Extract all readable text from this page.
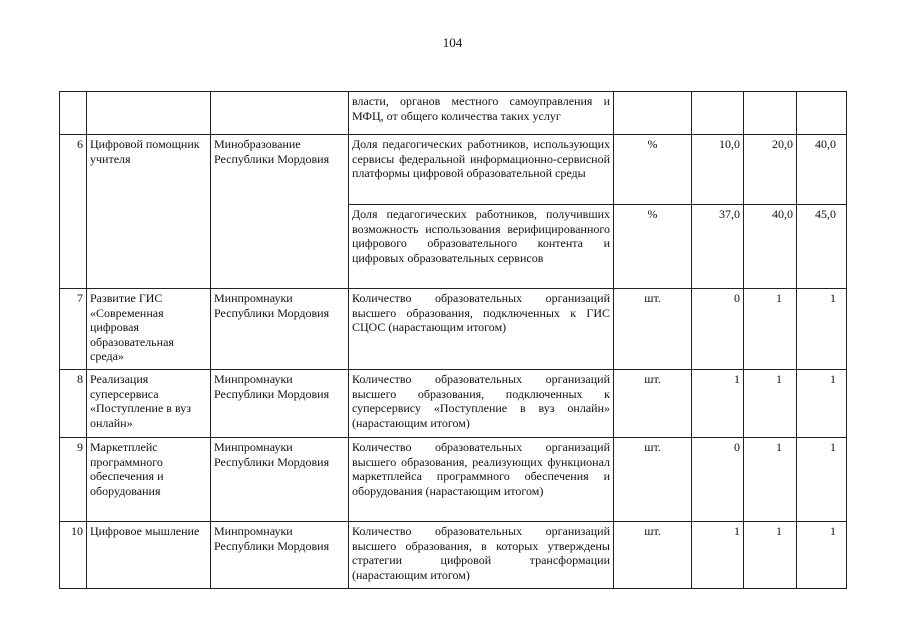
104
			власти, органов местного самоуправления и МФЦ, от общего количества таких услуг				
6	Цифровой помощник учителя	Минобразование Республики Мордовия	Доля педагогических работников, использующих сервисы федеральной информационно-сервисной платформы цифровой образовательной среды	%	10,0	20,0	40,0
			Доля педагогических работников, получивших возможность использования верифицированного цифрового образовательного контента и цифровых образовательных сервисов	%	37,0	40,0	45,0
7	Развитие ГИС «Современная цифровая образовательная среда»	Минпромнауки Республики Мордовия	Количество образовательных организаций высшего образования, подключенных к ГИС СЦОС (нарастающим итогом)	шт.	0	1	1
8	Реализация суперсервиса «Поступление в вуз онлайн»	Минпромнауки Республики Мордовия	Количество образовательных организаций высшего образования, подключенных к суперсервису «Поступление в вуз онлайн» (нарастающим итогом)	шт.	1	1	1
9	Маркетплейс программного обеспечения и оборудования	Минпромнауки Республики Мордовия	Количество образовательных организаций высшего образования, реализующих функционал маркетплейса программного обеспечения и оборудования (нарастающим итогом)	шт.	0	1	1
10	Цифровое мышление	Минпромнауки Республики Мордовия	Количество образовательных организаций высшего образования, в которых утверждены стратегии цифровой трансформации (нарастающим итогом)	шт.	1	1	1
